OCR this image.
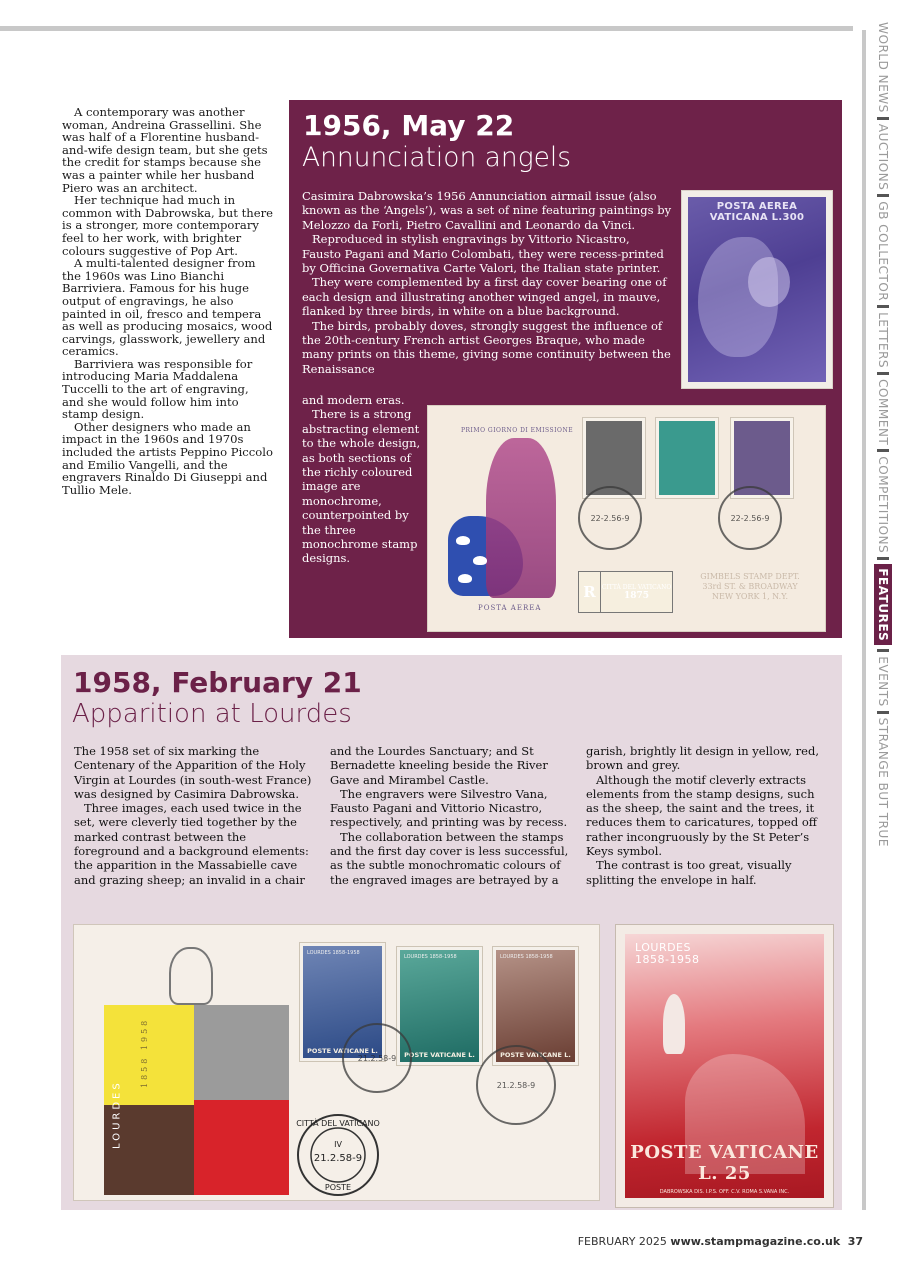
WORLD NEWS
AUCTIONS
GB COLLECTOR
LETTERS
COMMENT
COMPETITIONS
FEATURES
EVENTS
STRANGE BUT TRUE

A contemporary was another woman, Andreina Grassellini. She was half of a Florentine husband-and-wife design team, but she gets the credit for stamps because she was a painter while her husband Piero was an architect.

Her technique had much in common with Dabrowska, but there is a stronger, more contemporary feel to her work, with brighter colours suggestive of Pop Art.

A multi-talented designer from the 1960s was Lino Bianchi Barriviera. Famous for his huge output of engravings, he also painted in oil, fresco and tempera as well as producing mosaics, wood carvings, glasswork, jewellery and ceramics.

Barriviera was responsible for introducing Maria Maddalena Tuccelli to the art of engraving, and she would follow him into stamp design.

Other designers who made an impact in the 1960s and 1970s included the artists Peppino Piccolo and Emilio Vangelli, and the engravers Rinaldo Di Giuseppi and Tullio Mele.

1956, May 22
Annunciation angels

Casimira Dabrowska’s 1956 Annunciation airmail issue (also known as the ‘Angels’), was a set of nine featuring paintings by Melozzo da Forli, Pietro Cavallini and Leonardo da Vinci.

Reproduced in stylish engravings by Vittorio Nicastro, Fausto Pagani and Mario Colombati, they were recess-printed by Officina Governativa Carte Valori, the Italian state printer.

They were complemented by a first day cover bearing one of each design and illustrating another winged angel, in mauve, flanked by three birds, in white on a blue background.

The birds, probably doves, strongly suggest the influence of the 20th-century French artist Georges Braque, who made many prints on this theme, giving some continuity between the Renaissance

and modern eras.

There is a strong abstracting element to the whole design, as both sections of the richly coloured image are monochrome, counterpointed by the three monochrome stamp designs.

POSTA AEREA VATICANA L.300
PRIMO GIORNO DI EMISSIONE
POSTA AEREA
22-2.56-9	22-2.56-9
R	CITTÀ DEL VATICANO
1875
GIMBELS STAMP DEPT.
33rd ST. & BROADWAY
NEW YORK 1, N.Y.
1958, February 21
Apparition at Lourdes

The 1958 set of six marking the Centenary of the Apparition of the Holy Virgin at Lourdes (in south-west France) was designed by Casimira Dabrowska.

Three images, each used twice in the set, were cleverly tied together by the marked contrast between the foreground and a background elements: the apparition in the Massabielle cave and grazing sheep; an invalid in a chair

and the Lourdes Sanctuary; and St Bernadette kneeling beside the River Gave and Mirambel Castle.

The engravers were Silvestro Vana, Fausto Pagani and Vittorio Nicastro, respectively, and printing was by recess.

The collaboration between the stamps and the first day cover is less successful, as the subtle monochromatic colours of the engraved images are betrayed by a

garish, brightly lit design in yellow, red, brown and grey.

Although the motif cleverly extracts elements from the stamp designs, such as the sheep, the saint and the trees, it reduces them to caricatures, topped off rather incongruously by the St Peter’s Keys symbol.

The contrast is too great, visually splitting the envelope in half.

LOURDES
1858 1958
LOURDES 1858-1958
POSTE VATICANE L.
LOURDES 1858-1958
POSTE VATICANE L.
LOURDES 1858-1958
POSTE VATICANE L.
21.2.58-9
21.2.58-9
CITTÀ DEL VATICANO
IV
21.2.58-9
POSTE
LOURDES
1858-1958
POSTE VATICANE L. 25
DABROWSKA DIS. I.P.S. OFF. C.V. ROMA S.VANA INC.
FEBRUARY 2025 www.stampmagazine.co.uk 37
